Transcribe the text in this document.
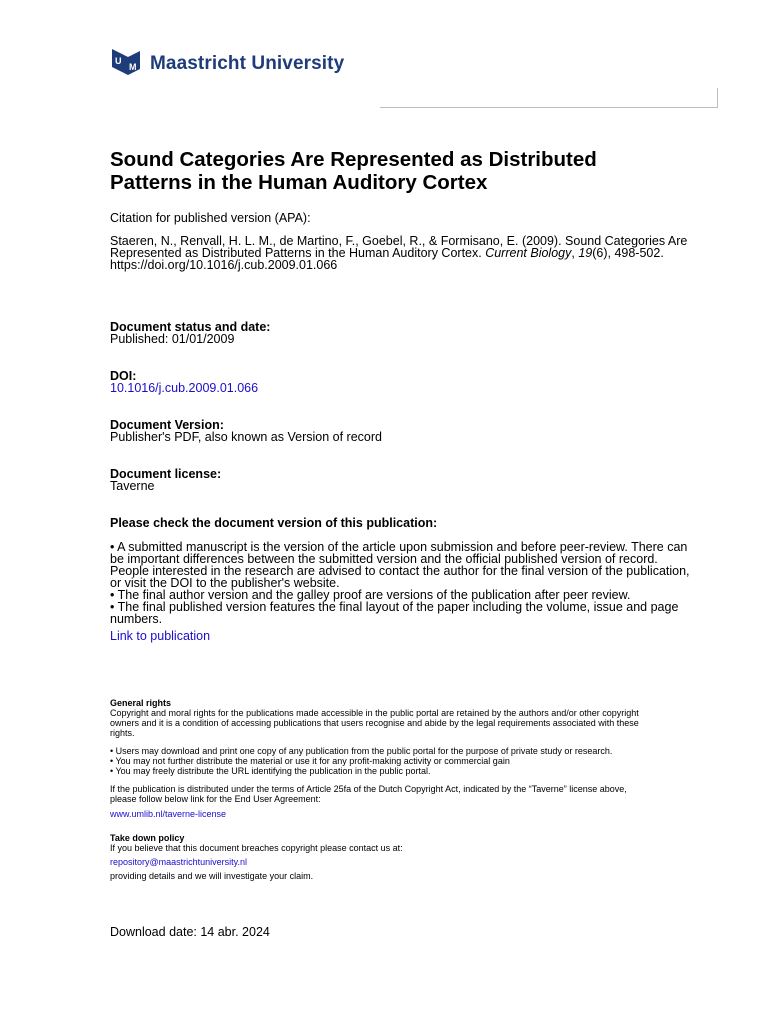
U
M Maastricht University
Sound Categories Are Represented as Distributed
Patterns in the Human Auditory Cortex

Citation for published version (APA):

Staeren, N., Renvall, H. L. M., de Martino, F., Goebel, R., & Formisano, E. (2009). Sound Categories Are

Represented as Distributed Patterns in the Human Auditory Cortex. Current Biology, 19(6), 498-502.

https://doi.org/10.1016/j.cub.2009.01.066

Document status and date:

Published: 01/01/2009

DOI:

10.1016/j.cub.2009.01.066

Document Version:

Publisher's PDF, also known as Version of record

Document license:

Taverne

Please check the document version of this publication:

• A submitted manuscript is the version of the article upon submission and before peer-review. There can

be important differences between the submitted version and the official published version of record.

People interested in the research are advised to contact the author for the final version of the publication,

or visit the DOI to the publisher's website.

• The final author version and the galley proof are versions of the publication after peer review.

• The final published version features the final layout of the paper including the volume, issue and page

numbers.

Link to publication

General rights

Copyright and moral rights for the publications made accessible in the public portal are retained by the authors and/or other copyright

owners and it is a condition of accessing publications that users recognise and abide by the legal requirements associated with these

rights.

• Users may download and print one copy of any publication from the public portal for the purpose of private study or research.

• You may not further distribute the material or use it for any profit-making activity or commercial gain

• You may freely distribute the URL identifying the publication in the public portal.

If the publication is distributed under the terms of Article 25fa of the Dutch Copyright Act, indicated by the “Taverne” license above,

please follow below link for the End User Agreement:

www.umlib.nl/taverne-license

Take down policy

If you believe that this document breaches copyright please contact us at:

repository@maastrichtuniversity.nl

providing details and we will investigate your claim.

Download date: 14 abr. 2024
